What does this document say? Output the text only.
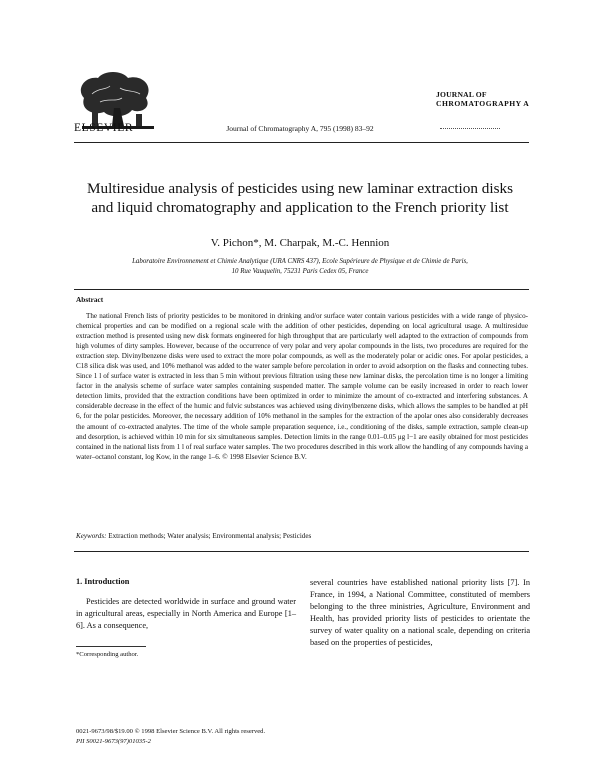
ELSEVIER	Journal of Chromatography A, 795 (1998) 83–92
JOURNAL OF
CHROMATOGRAPHY A
Multiresidue analysis of pesticides using new laminar extraction disks and liquid chromatography and application to the French priority list
V. Pichon*, M. Charpak, M.-C. Hennion
Laboratoire Environnement et Chimie Analytique (URA CNRS 437), Ecole Supérieure de Physique et de Chimie de Paris,
10 Rue Vauquelin, 75231 Paris Cedex 05, France
Abstract
The national French lists of priority pesticides to be monitored in drinking and/or surface water contain various pesticides with a wide range of physico-chemical properties and can be modified on a regional scale with the addition of other pesticides, depending on local agricultural usage. A multiresidue extraction method is presented using new disk formats engineered for high throughput that are particularly well adapted to the extraction of compounds from high volumes of dirty samples. However, because of the occurrence of very polar and very apolar compounds in the lists, two procedures are required for the extraction step. Divinylbenzene disks were used to extract the more polar compounds, as well as the moderately polar or acidic ones. For apolar pesticides, a C18 silica disk was used, and 10% methanol was added to the water sample before percolation in order to avoid adsorption on the flasks and connecting tubes. Since 1 l of surface water is extracted in less than 5 min without previous filtration using these new laminar disks, the percolation time is no longer a limiting factor in the analysis scheme of surface water samples containing suspended matter. The sample volume can be easily increased in order to reach lower detection limits, provided that the extraction conditions have been optimized in order to minimize the amount of co-extracted and interfering substances. A considerable decrease in the effect of the humic and fulvic substances was achieved using divinylbenzene disks, which allows the samples to be handled at pH 6, for the polar pesticides. Moreover, the necessary addition of 10% methanol in the samples for the extraction of the apolar ones also considerably decreases the amount of co-extracted analytes. The time of the whole sample preparation sequence, i.e., conditioning of the disks, sample extraction, sample clean-up and desorption, is achieved within 10 min for six simultaneous samples. Detection limits in the range 0.01–0.05 μg l−1 are easily obtained for most pesticides contained in the national lists from 1 l of real surface water samples. The two procedures described in this work allow the handling of any compounds having a water–octanol constant, log Kow, in the range 1–6. © 1998 Elsevier Science B.V.
Keywords: Extraction methods; Water analysis; Environmental analysis; Pesticides
1. Introduction
Pesticides are detected worldwide in surface and ground water in agricultural areas, especially in North America and Europe [1–6]. As a consequence,
*Corresponding author.
several countries have established national priority lists [7]. In France, in 1994, a National Committee, constituted of members belonging to the three ministries, Agriculture, Environment and Health, has provided priority lists of pesticides to orientate the survey of water quality on a national scale, depending on criteria based on the properties of pesticides,
0021-9673/98/$19.00 © 1998 Elsevier Science B.V. All rights reserved.
PII S0021-9673(97)01035-2
